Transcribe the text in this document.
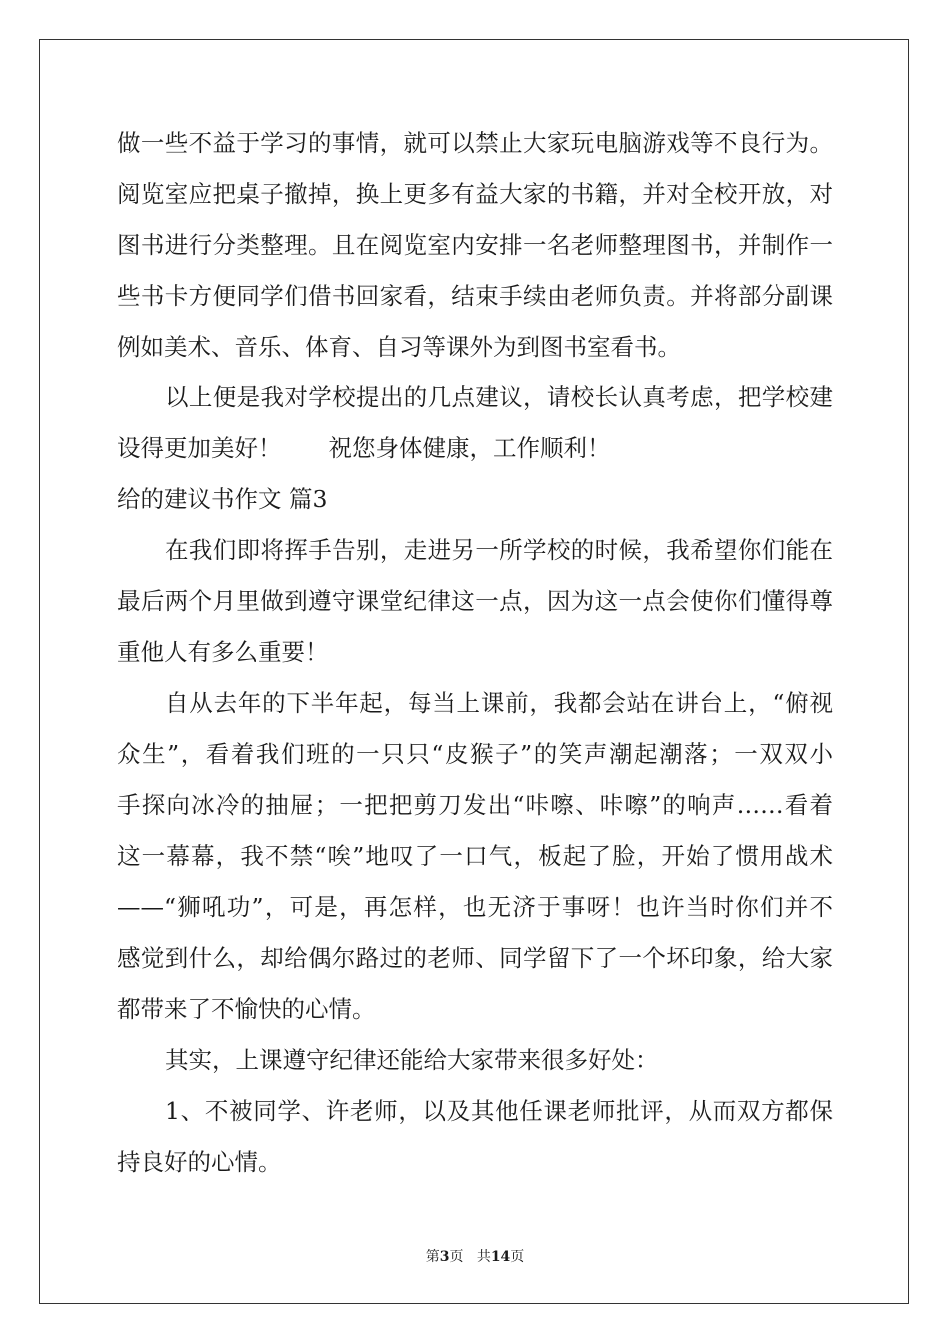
做一些不益于学习的事情，就可以禁止大家玩电脑游戏等不良行为。
阅览室应把桌子撤掉，换上更多有益大家的书籍，并对全校开放，对
图书进行分类整理。且在阅览室内安排一名老师整理图书，并制作一
些书卡方便同学们借书回家看，结束手续由老师负责。并将部分副课
例如美术、音乐、体育、自习等课外为到图书室看书。
以上便是我对学校提出的几点建议，请校长认真考虑，把学校建
设得更加美好！　　祝您身体健康，工作顺利！
给的建议书作文 篇3
在我们即将挥手告别，走进另一所学校的时候，我希望你们能在
最后两个月里做到遵守课堂纪律这一点，因为这一点会使你们懂得尊
重他人有多么重要！
自从去年的下半年起，每当上课前，我都会站在讲台上，“俯视
众生”，看着我们班的一只只“皮猴子”的笑声潮起潮落；一双双小
手探向冰冷的抽屉；一把把剪刀发出“咔嚓、咔嚓”的响声……看着
这一幕幕，我不禁“唉”地叹了一口气，板起了脸，开始了惯用战术
——“狮吼功”，可是，再怎样，也无济于事呀！也许当时你们并不
感觉到什么，却给偶尔路过的老师、同学留下了一个坏印象，给大家
都带来了不愉快的心情。
其实，上课遵守纪律还能给大家带来很多好处：
1、不被同学、许老师，以及其他任课老师批评，从而双方都保
持良好的心情。
第3页 共14页
